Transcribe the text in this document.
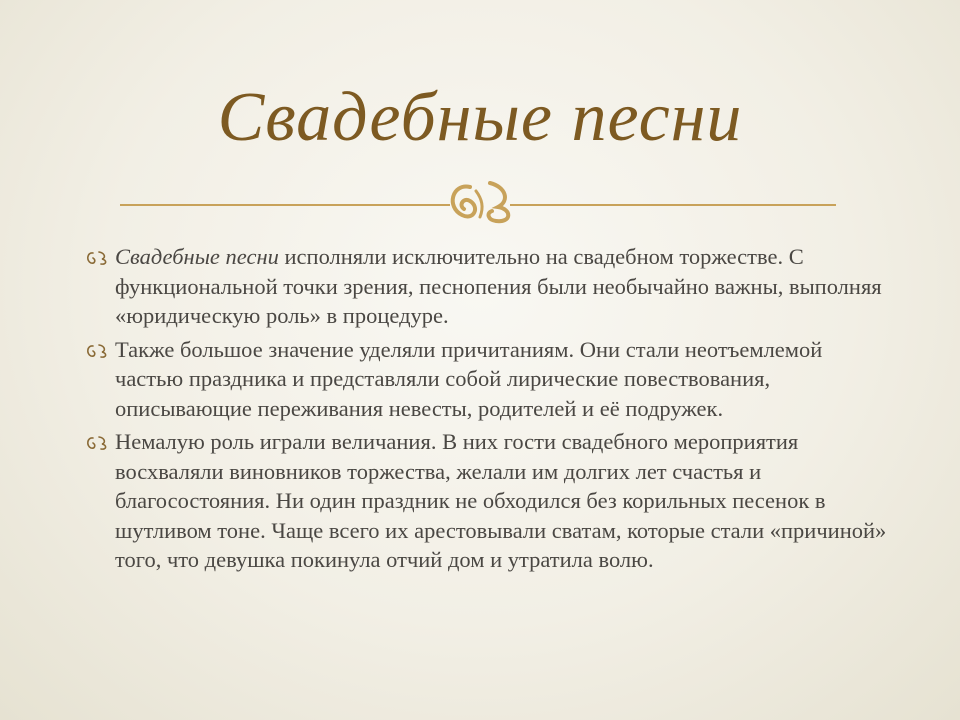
Свадебные песни
Свадебные песни исполняли исключительно на свадебном торжестве. С функциональной точки зрения, песнопения были необычайно важны, выполняя «юридическую роль» в процедуре.
Также большое значение уделяли причитаниям. Они стали неотъемлемой частью праздника и представляли собой лирические повествования, описывающие переживания невесты, родителей и её подружек.
Немалую роль играли величания. В них гости свадебного мероприятия восхваляли виновников торжества, желали им долгих лет счастья и благосостояния. Ни один праздник не обходился без корильных песенок в шутливом тоне. Чаще всего их арестовывали сватам, которые стали «причиной» того, что девушка покинула отчий дом и утратила волю.
